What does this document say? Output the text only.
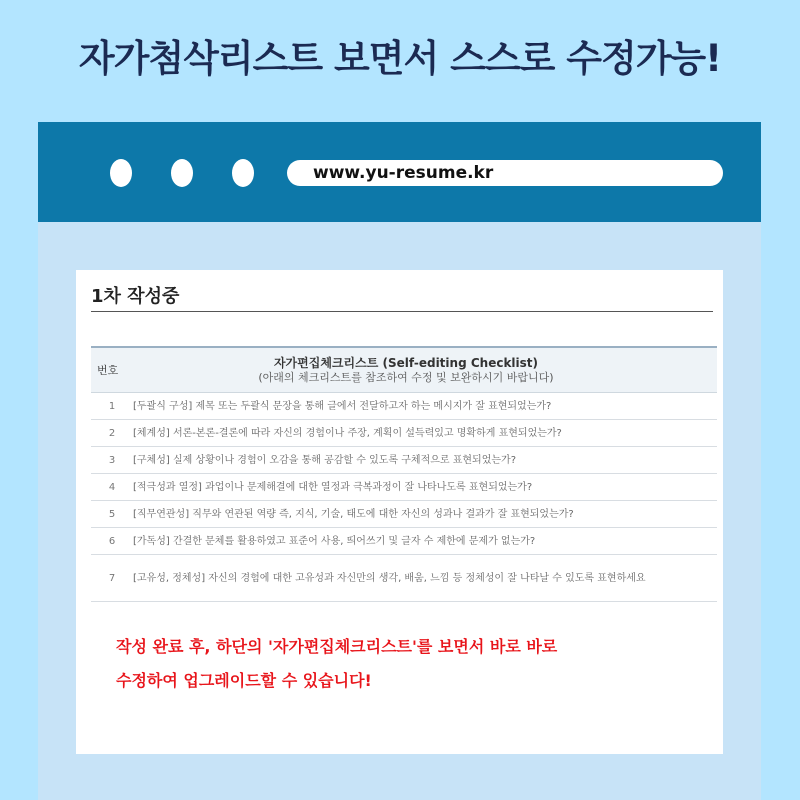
자가첨삭리스트 보면서 스스로 수정가능!
www.yu-resume.kr
1차 작성중
번호
자가편집체크리스트 (Self-editing Checklist)
(아래의 체크리스트를 참조하여 수정 및 보완하시기 바랍니다)
1	[두괄식 구성] 제목 또는 두괄식 문장을 통해 글에서 전달하고자 하는 메시지가 잘 표현되었는가?
2	[체계성] 서론-본론-결론에 따라 자신의 경험이나 주장, 계획이 설득력있고 명확하게 표현되었는가?
3	[구체성] 실제 상황이나 경험이 오감을 통해 공감할 수 있도록 구체적으로 표현되었는가?
4	[적극성과 열정] 과업이나 문제해결에 대한 열정과 극복과정이 잘 나타나도록 표현되었는가?
5	[직무연관성] 직무와 연관된 역량 즉, 지식, 기술, 태도에 대한 자신의 성과나 결과가 잘 표현되었는가?
6	[가독성] 간결한 문체를 활용하였고 표준어 사용, 띄어쓰기 및 글자 수 제한에 문제가 없는가?
7	[고유성, 정체성] 자신의 경험에 대한 고유성과 자신만의 생각, 배움, 느낌 등 정체성이 잘 나타날 수 있도록 표현하세요
작성 완료 후, 하단의 '자가편집체크리스트'를 보면서 바로 바로
수정하여 업그레이드할 수 있습니다!
